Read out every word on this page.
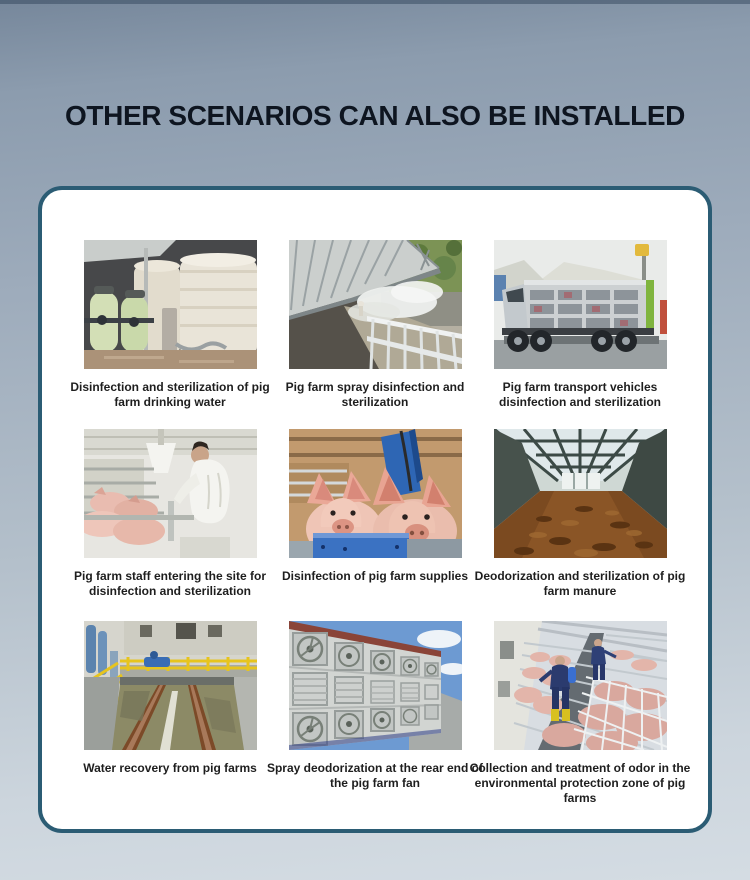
OTHER SCENARIOS CAN ALSO BE INSTALLED
Disinfection and sterilization of pig farm drinking water
Pig farm spray disinfection and sterilization
Pig farm transport vehicles disinfection and sterilization
Pig farm staff entering the site for disinfection and sterilization
Disinfection of pig farm supplies Deodorization and sterilization of pig farm manure
Water recovery from pig farms Spray deodorization at the rear end of the pig farm fan
Collection and treatment of odor in the environmental protection zone of pig farms
